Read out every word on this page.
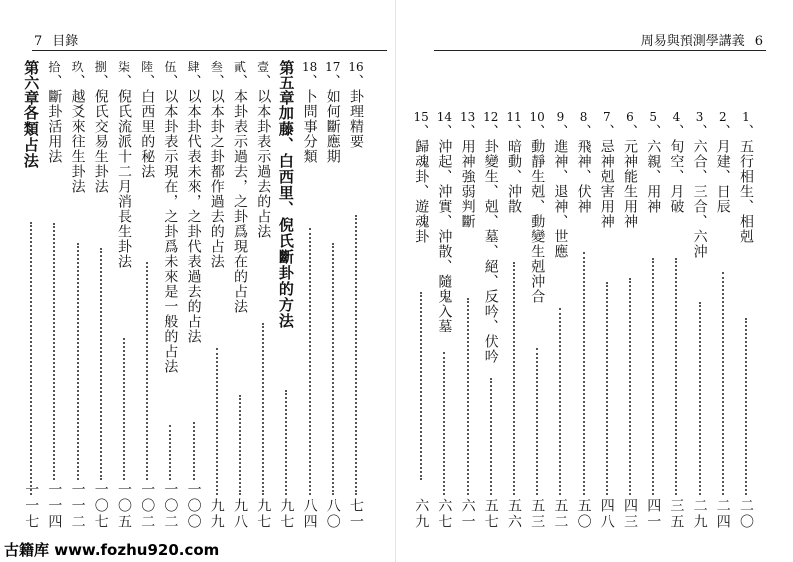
7 目錄
16
、卦理精要
七一
17
、如何斷應期
八〇
18
、卜問事分類
八四
第五章
加藤、白西里、倪氏斷卦的方法
九七
壹
、以本卦表示過去的占法
九七
貳
、本卦表示過去，之卦爲現在的占法
九八
叁
、以本卦之卦都作過去的占法
九九
肆
、以本卦代表未來，之卦代表過去的占法
一〇〇
伍
、以本卦表示現在，之卦爲未來是一般的占法
一〇二
陸
、白西里的秘法
一〇二
柒
、倪氏流派十二月消長生卦法
一〇五
捌
、倪氏交易生卦法
一〇七
玖
、越爻來往生卦法
一一二
拾
、斷卦活用法
一一四
第六章
各類占法
一一七
周易與預測學講義 6
1
、五行相生、相剋
二〇
2
、月建、日辰
二四
3
、六合、三合、六沖
二九
4
、旬空、月破
三五
5
、六親、用神
四一
6
、元神能生用神
四三
7
、忌神剋害用神
四八
8
、飛神、伏神
五〇
9
、進神、退神、世應
五二
10
、動靜生剋、動變生剋沖合
五三
11
、暗動、沖散
五六
12
、卦變生、剋、墓、絕、反吟、伏吟
五七
13
、用神強弱判斷
六一
14
、沖起、沖實、沖散、隨鬼入墓
六七
15
、歸魂卦、遊魂卦
六九
古籍库 www.fozhu920.com
